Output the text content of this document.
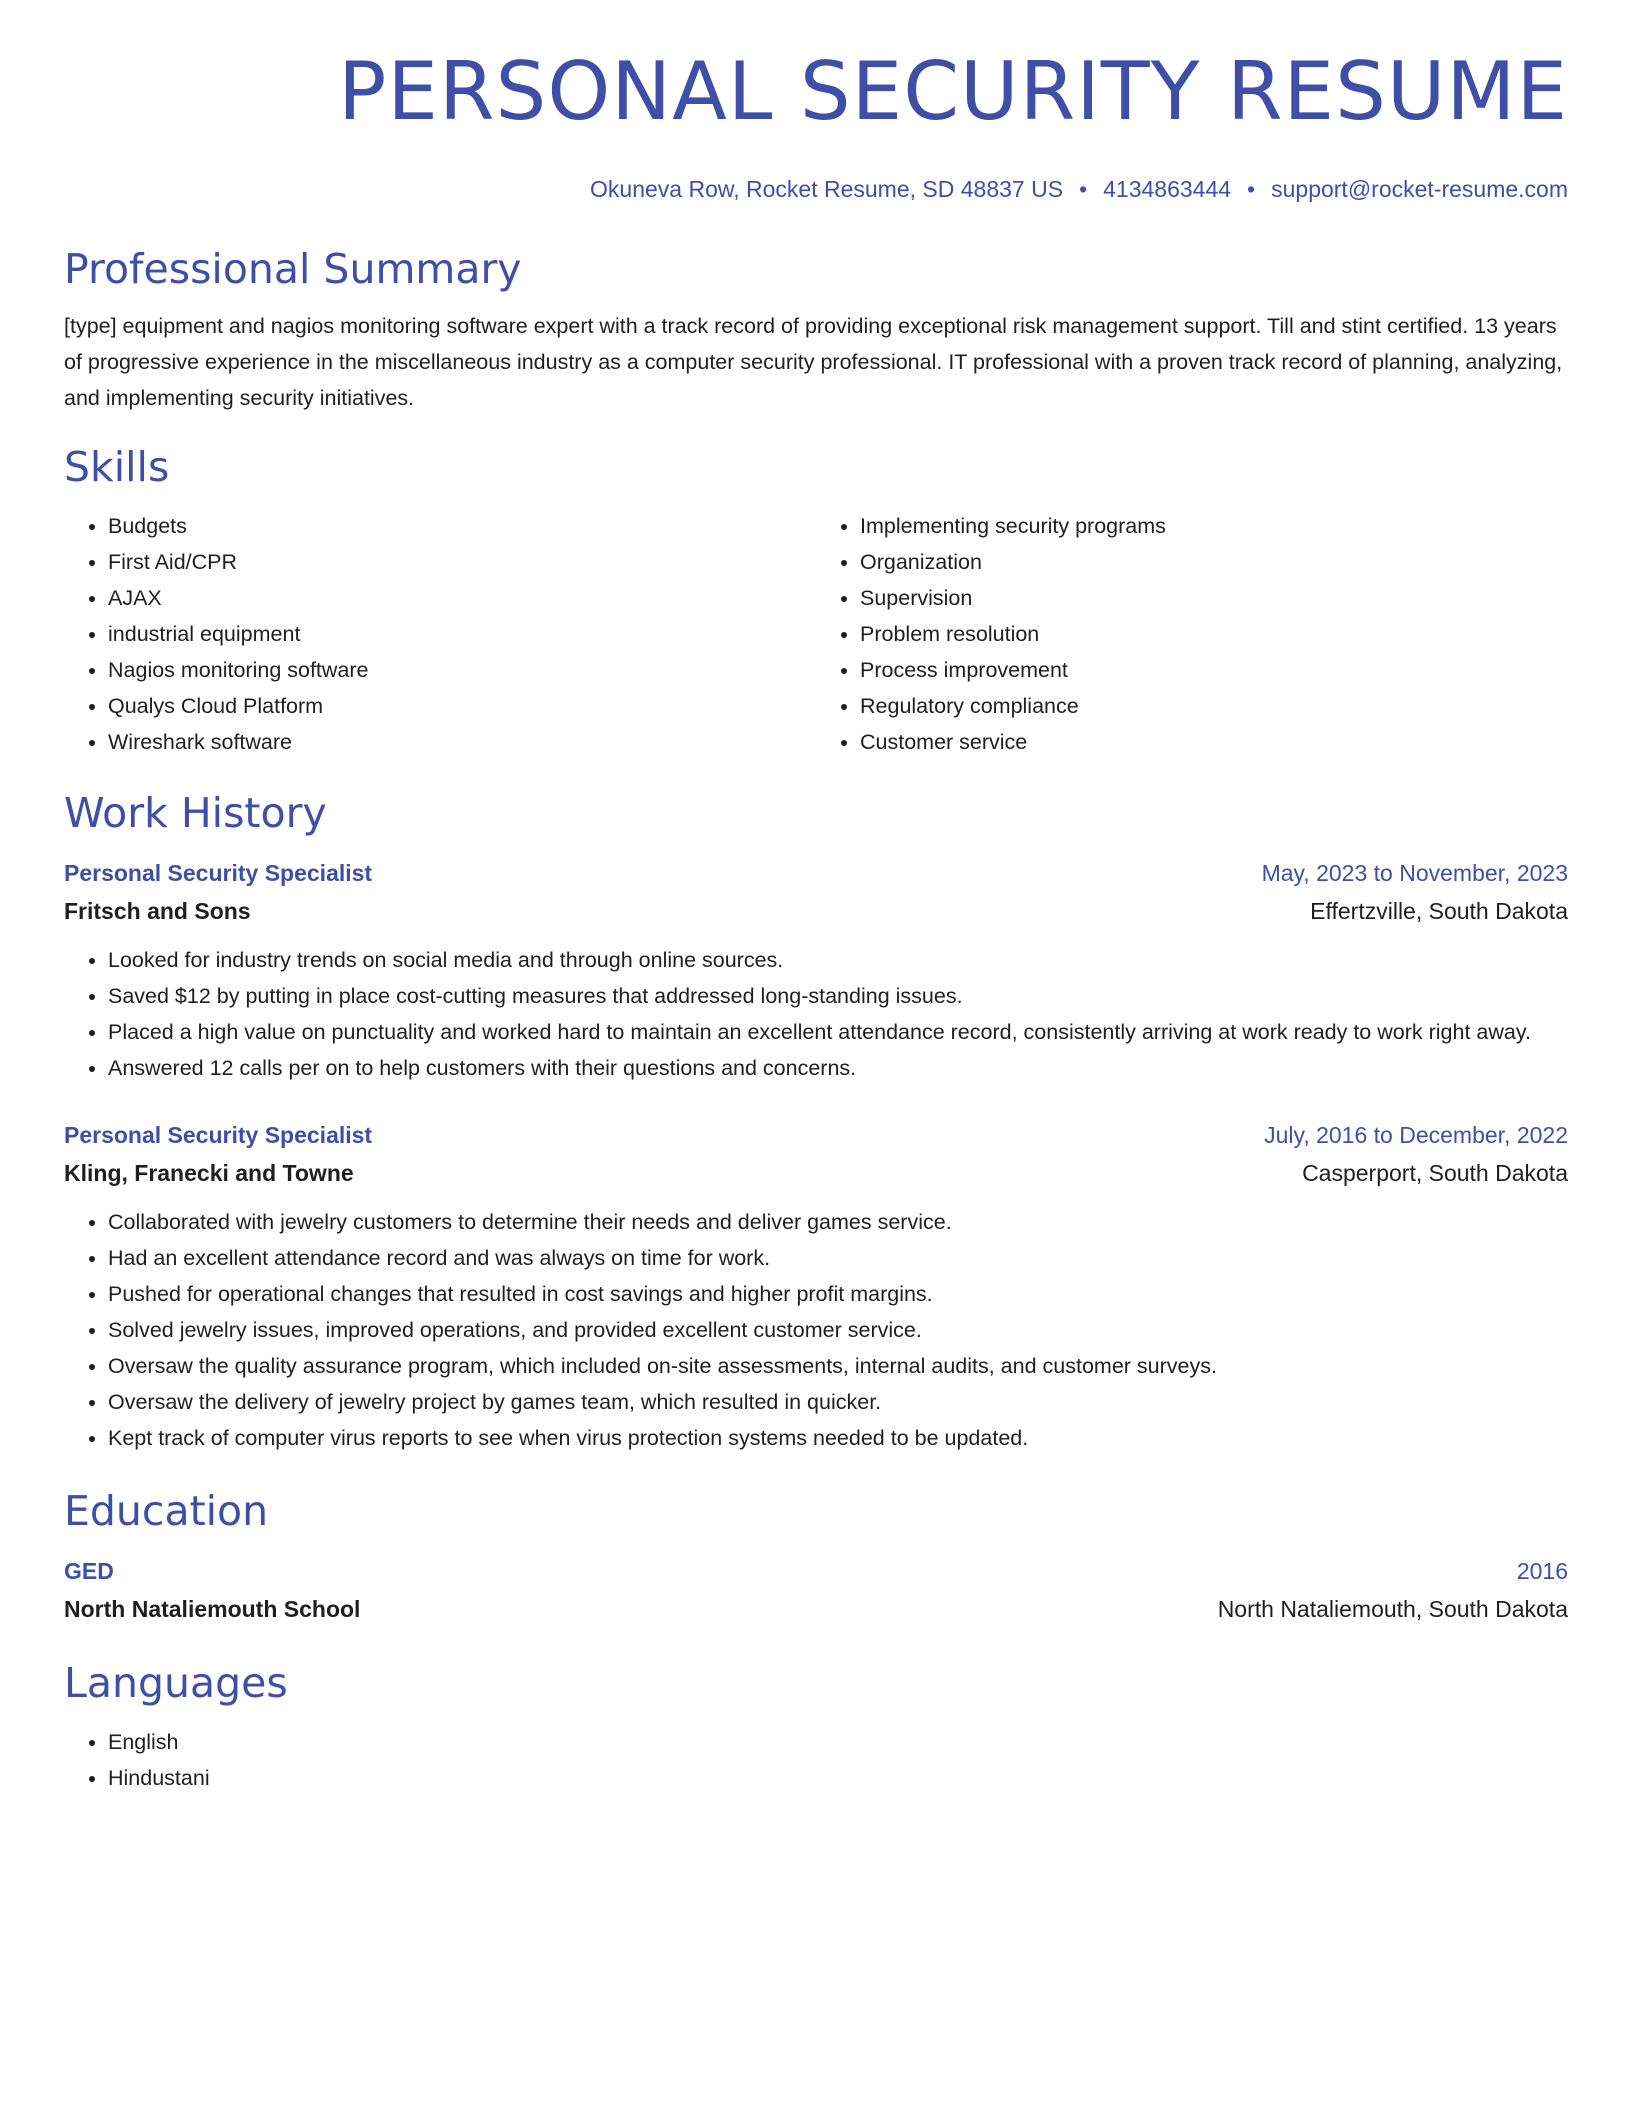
PERSONAL SECURITY RESUME
Okuneva Row, Rocket Resume, SD 48837 US • 4134863444 • support@rocket-resume.com
Professional Summary
[type] equipment and nagios monitoring software expert with a track record of providing exceptional risk management support. Till and stint certified. 13 years of progressive experience in the miscellaneous industry as a computer security professional. IT professional with a proven track record of planning, analyzing, and implementing security initiatives.
Skills
• Budgets
• First Aid/CPR
• AJAX
• industrial equipment
• Nagios monitoring software
• Qualys Cloud Platform
• Wireshark software
• Implementing security programs
• Organization
• Supervision
• Problem resolution
• Process improvement
• Regulatory compliance
• Customer service
Work History
Personal Security Specialist	May, 2023 to November, 2023
Fritsch and Sons	Effertzville, South Dakota
• Looked for industry trends on social media and through online sources.
• Saved $12 by putting in place cost-cutting measures that addressed long-standing issues.
• Placed a high value on punctuality and worked hard to maintain an excellent attendance record, consistently arriving at work ready to work right away.
• Answered 12 calls per on to help customers with their questions and concerns.
Personal Security Specialist	July, 2016 to December, 2022
Kling, Franecki and Towne	Casperport, South Dakota
• Collaborated with jewelry customers to determine their needs and deliver games service.
• Had an excellent attendance record and was always on time for work.
• Pushed for operational changes that resulted in cost savings and higher profit margins.
• Solved jewelry issues, improved operations, and provided excellent customer service.
• Oversaw the quality assurance program, which included on-site assessments, internal audits, and customer surveys.
• Oversaw the delivery of jewelry project by games team, which resulted in quicker.
• Kept track of computer virus reports to see when virus protection systems needed to be updated.
Education
GED	2016
North Nataliemouth School	North Nataliemouth, South Dakota
Languages
• English
• Hindustani
